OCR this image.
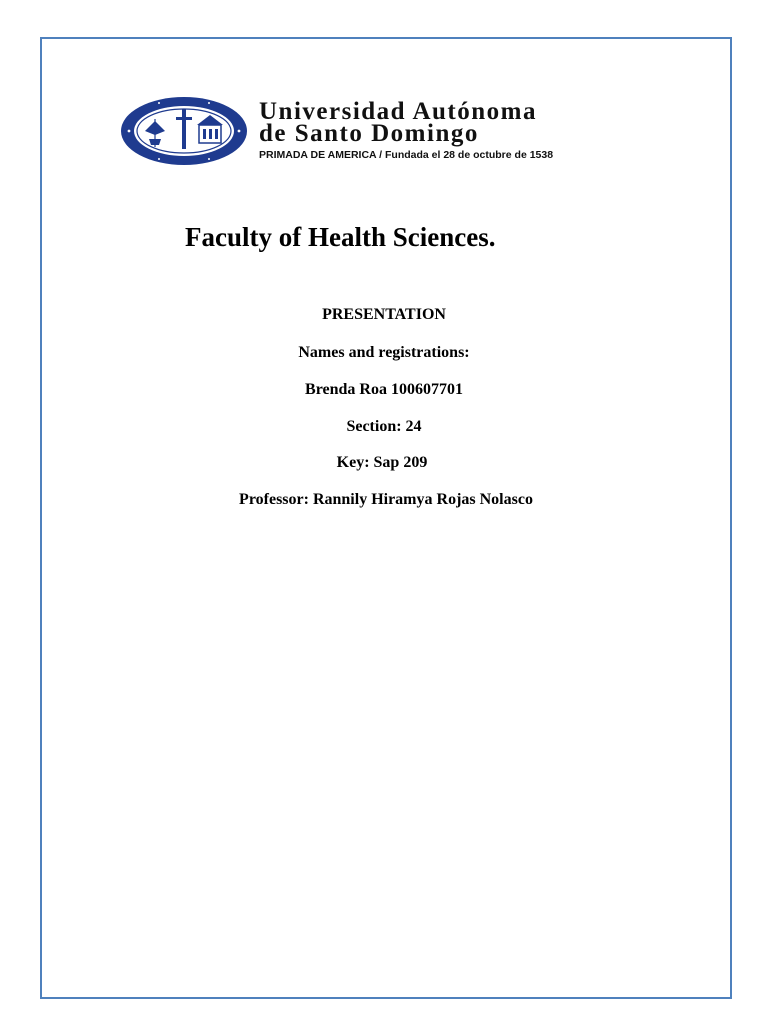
Universidad Autónoma
de Santo Domingo
PRIMADA DE AMERICA / Fundada el 28 de octubre de 1538
Faculty of Health Sciences.
PRESENTATION
Names and registrations:
Brenda Roa 100607701
Section: 24
Key: Sap 209
Professor: Rannily Hiramya Rojas Nolasco
